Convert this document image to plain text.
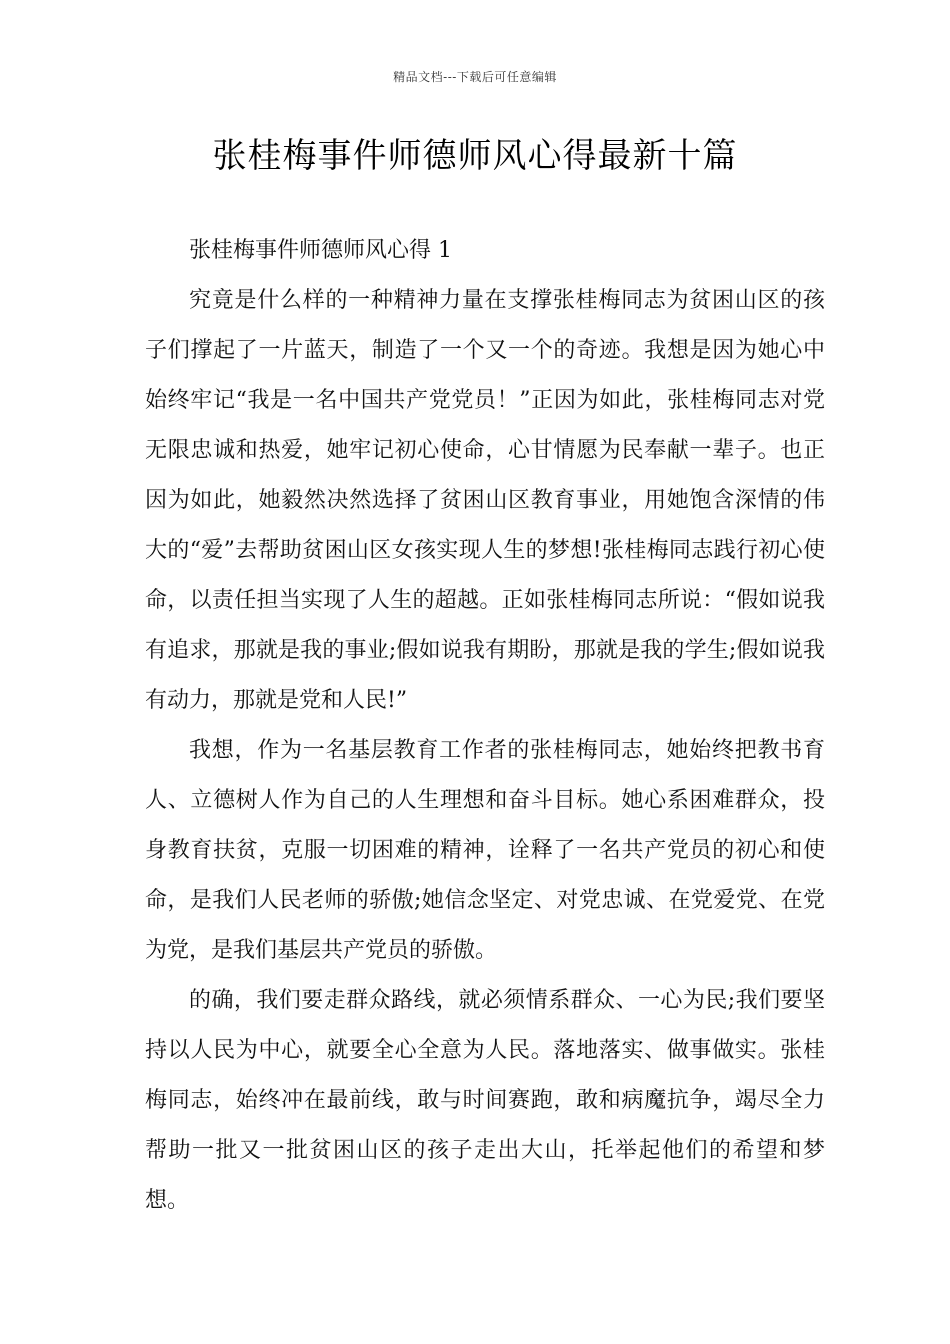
精品文档---下载后可任意编辑
张桂梅事件师德师风心得最新十篇

张桂梅事件师德师风心得 1

究竟是什么样的一种精神力量在支撑张桂梅同志为贫困山区的孩子们撑起了一片蓝天，制造了一个又一个的奇迹。我想是因为她心中始终牢记“我是一名中国共产党党员！”正因为如此，张桂梅同志对党无限忠诚和热爱，她牢记初心使命，心甘情愿为民奉献一辈子。也正因为如此，她毅然决然选择了贫困山区教育事业，用她饱含深情的伟大的“爱”去帮助贫困山区女孩实现人生的梦想!张桂梅同志践行初心使命，以责任担当实现了人生的超越。正如张桂梅同志所说：“假如说我有追求，那就是我的事业;假如说我有期盼，那就是我的学生;假如说我有动力，那就是党和人民!”

我想，作为一名基层教育工作者的张桂梅同志，她始终把教书育人、立德树人作为自己的人生理想和奋斗目标。她心系困难群众，投身教育扶贫，克服一切困难的精神，诠释了一名共产党员的初心和使命，是我们人民老师的骄傲;她信念坚定、对党忠诚、在党爱党、在党为党，是我们基层共产党员的骄傲。

的确，我们要走群众路线，就必须情系群众、一心为民;我们要坚持以人民为中心，就要全心全意为人民。落地落实、做事做实。张桂梅同志，始终冲在最前线，敢与时间赛跑，敢和病魔抗争，竭尽全力帮助一批又一批贫困山区的孩子走出大山，托举起他们的希望和梦想。
